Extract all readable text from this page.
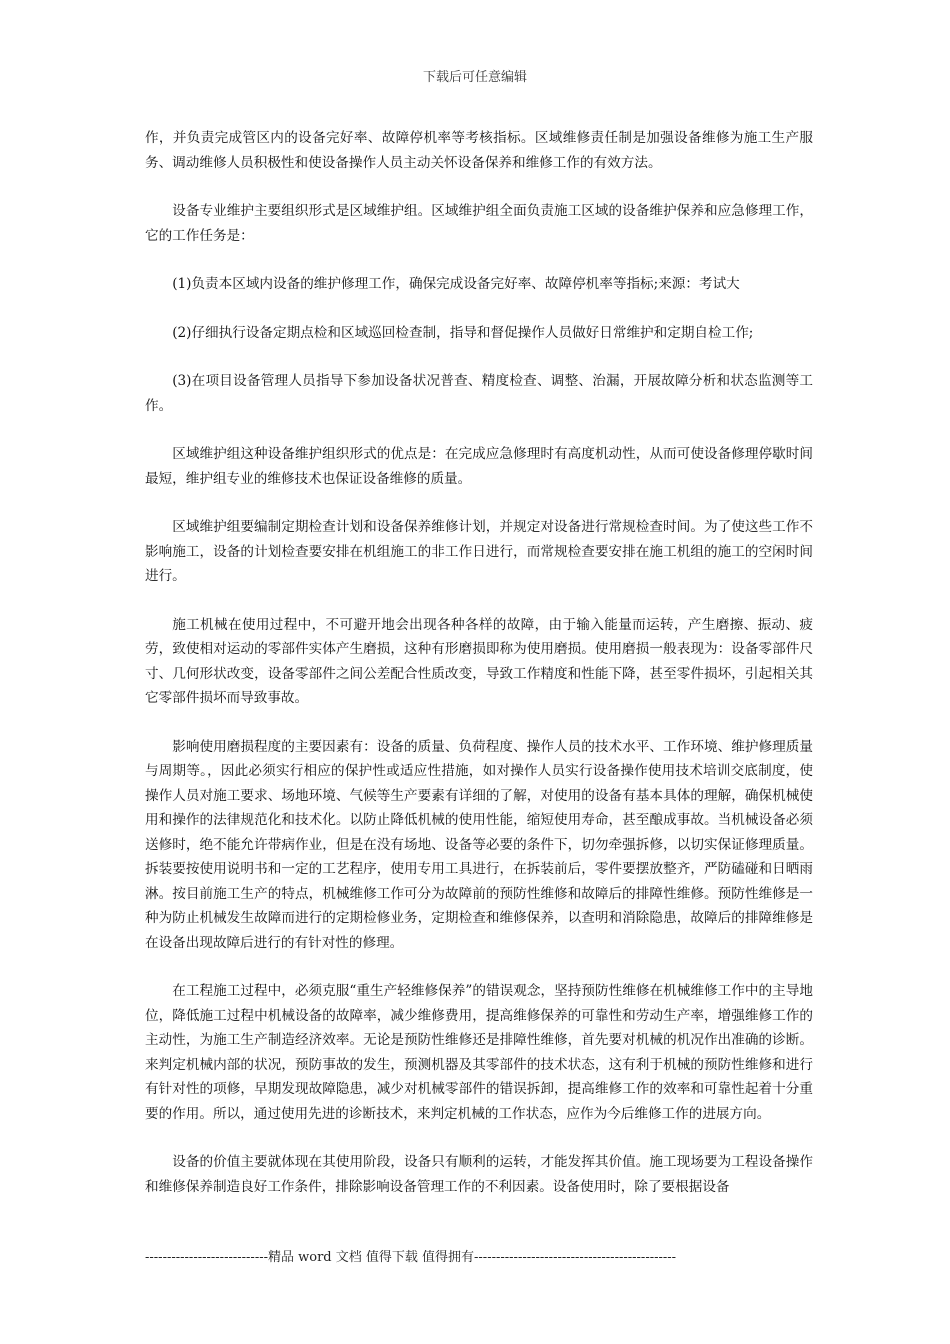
下载后可任意编辑

作，并负责完成管区内的设备完好率、故障停机率等考核指标。区域维修责任制是加强设备维修为施工生产服务、调动维修人员积极性和使设备操作人员主动关怀设备保养和维修工作的有效方法。

设备专业维护主要组织形式是区域维护组。区域维护组全面负责施工区域的设备维护保养和应急修理工作，它的工作任务是：

(1)负责本区域内设备的维护修理工作，确保完成设备完好率、故障停机率等指标;来源：考试大

(2)仔细执行设备定期点检和区域巡回检查制，指导和督促操作人员做好日常维护和定期自检工作;

(3)在项目设备管理人员指导下参加设备状况普查、精度检查、调整、治漏，开展故障分析和状态监测等工作。

区域维护组这种设备维护组织形式的优点是：在完成应急修理时有高度机动性，从而可使设备修理停歇时间最短，维护组专业的维修技术也保证设备维修的质量。

区域维护组要编制定期检查计划和设备保养维修计划，并规定对设备进行常规检查时间。为了使这些工作不影响施工，设备的计划检查要安排在机组施工的非工作日进行，而常规检查要安排在施工机组的施工的空闲时间进行。

施工机械在使用过程中，不可避开地会出现各种各样的故障，由于输入能量而运转，产生磨擦、振动、疲劳，致使相对运动的零部件实体产生磨损，这种有形磨损即称为使用磨损。使用磨损一般表现为：设备零部件尺寸、几何形状改变，设备零部件之间公差配合性质改变，导致工作精度和性能下降，甚至零件损坏，引起相关其它零部件损坏而导致事故。

影响使用磨损程度的主要因素有：设备的质量、负荷程度、操作人员的技术水平、工作环境、维护修理质量与周期等。，因此必须实行相应的保护性或适应性措施，如对操作人员实行设备操作使用技术培训交底制度，使操作人员对施工要求、场地环境、气候等生产要素有详细的了解，对使用的设备有基本具体的理解，确保机械使用和操作的法律规范化和技术化。以防止降低机械的使用性能，缩短使用寿命，甚至酿成事故。当机械设备必须送修时，绝不能允许带病作业，但是在没有场地、设备等必要的条件下，切勿牵强拆修，以切实保证修理质量。拆装要按使用说明书和一定的工艺程序，使用专用工具进行，在拆装前后，零件要摆放整齐，严防磕碰和日晒雨淋。按目前施工生产的特点，机械维修工作可分为故障前的预防性维修和故障后的排障性维修。预防性维修是一种为防止机械发生故障而进行的定期检修业务，定期检查和维修保养，以查明和消除隐患，故障后的排障维修是在设备出现故障后进行的有针对性的修理。

在工程施工过程中，必须克服“重生产轻维修保养”的错误观念，坚持预防性维修在机械维修工作中的主导地位，降低施工过程中机械设备的故障率，减少维修费用，提高维修保养的可靠性和劳动生产率，增强维修工作的主动性，为施工生产制造经济效率。无论是预防性维修还是排障性维修，首先要对机械的机况作出准确的诊断。来判定机械内部的状况，预防事故的发生，预测机器及其零部件的技术状态，这有利于机械的预防性维修和进行有针对性的项修，早期发现故障隐患，减少对机械零部件的错误拆卸，提高维修工作的效率和可靠性起着十分重要的作用。所以，通过使用先进的诊断技术，来判定机械的工作状态，应作为今后维修工作的进展方向。

设备的价值主要就体现在其使用阶段，设备只有顺利的运转，才能发挥其价值。施工现场要为工程设备操作和维修保养制造良好工作条件，排除影响设备管理工作的不利因素。设备使用时，除了要根据设备

----------------------------精品 word 文档 值得下载 值得拥有----------------------------------------------
